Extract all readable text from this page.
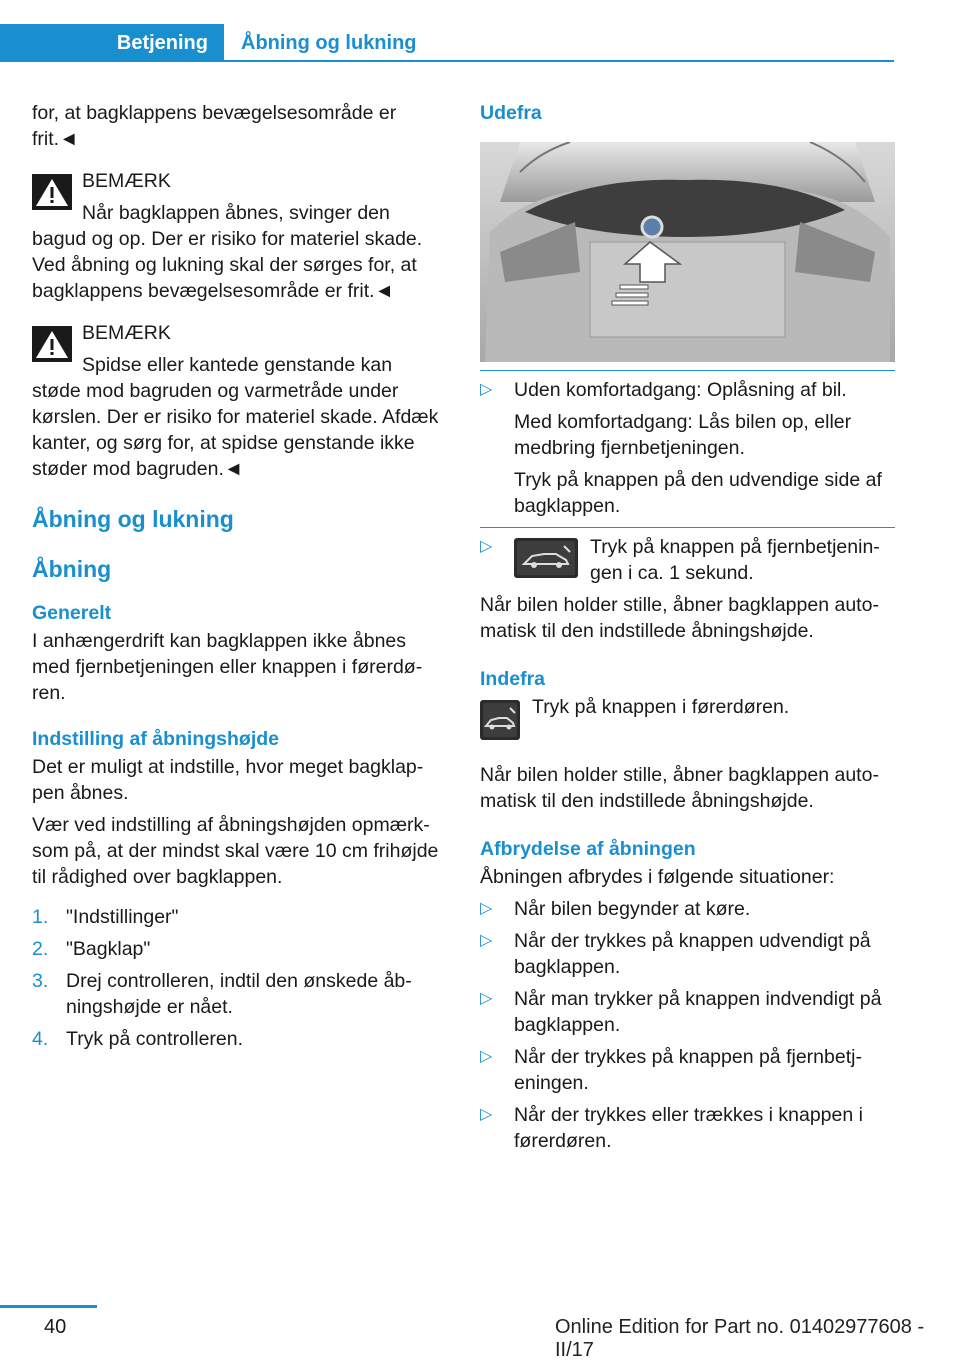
Betjening	Åbning og lukning

for, at bagklappens bevægelsesområde er frit.◄

BEMÆRK
Når bagklappen åbnes, svinger den
bagud og op. Der er risiko for materiel skade. Ved åbning og lukning skal der sørges for, at bagklappens bevægelsesområde er frit.◄
BEMÆRK
Spidse eller kantede genstande kan
støde mod bagruden og varmetråde under kørslen. Der er risiko for materiel skade. Afdæk kanter, og sørg for, at spidse genstande ikke støder mod bagruden.◄
Åbning og lukning
Åbning
Generelt

I anhængerdrift kan bagklappen ikke åbnes med fjernbetjeningen eller knappen i førerdøren.

Indstilling af åbningshøjde

Det er muligt at indstille, hvor meget bagklappen åbnes.

Vær ved indstilling af åbningshøjden opmærksom på, at der mindst skal være 10 cm frihøjde til rådighed over bagklappen.

1. "Indstillinger"
2. "Bagklap"
3. Drej controlleren, indtil den ønskede åbningshøjde er nået.
4. Tryk på controlleren.
Udefra
▷ Uden komfortadgang: Oplåsning af bil.
Med komfortadgang: Lås bilen op, eller medbring fjernbetjeningen.
Tryk på knappen på den udvendige side af bagklappen.
▷	Tryk på knappen på fjernbetjeningen i ca. 1 sekund.

Når bilen holder stille, åbner bagklappen automatisk til den indstillede åbningshøjde.

Indefra
Tryk på knappen i førerdøren.

Når bilen holder stille, åbner bagklappen automatisk til den indstillede åbningshøjde.

Afbrydelse af åbningen

Åbningen afbrydes i følgende situationer:

▷ Når bilen begynder at køre.
▷ Når der trykkes på knappen udvendigt på bagklappen.
▷ Når man trykker på knappen indvendigt på bagklappen.
▷ Når der trykkes på knappen på fjernbetjeningen.
▷ Når der trykkes eller trækkes i knappen i førerdøren.
40	Online Edition for Part no. 01402977608 - II/17
